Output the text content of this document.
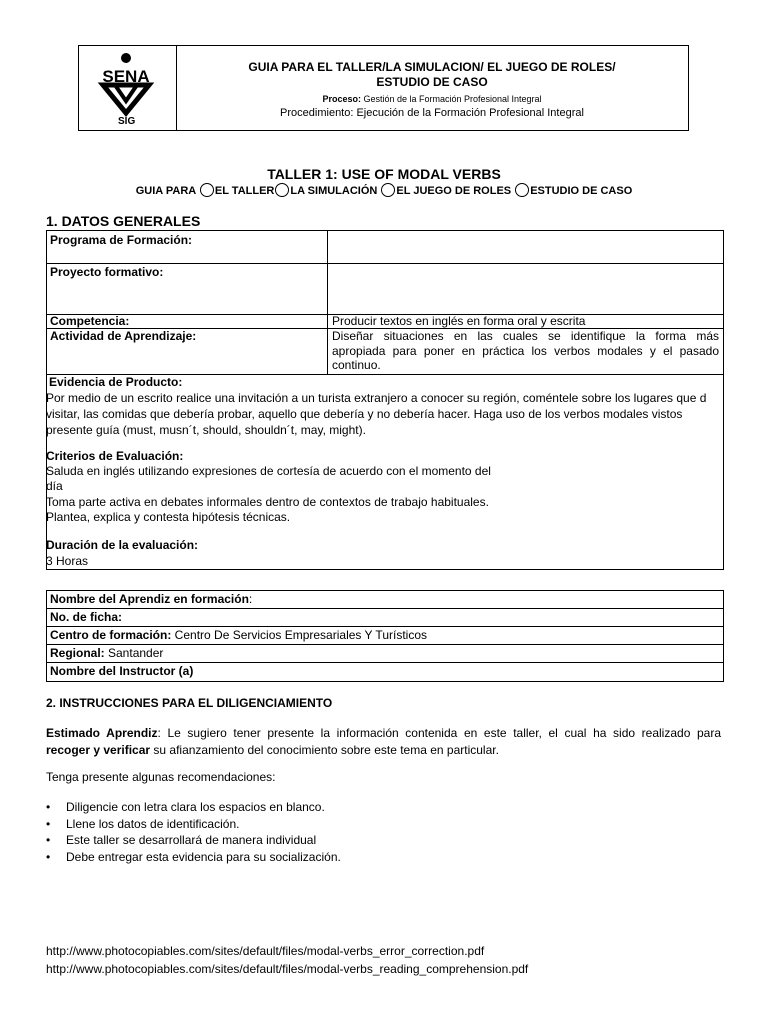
SENA
SIG
GUIA PARA EL TALLER/LA SIMULACION/ EL JUEGO DE ROLES/
ESTUDIO DE CASO
Proceso: Gestión de la Formación Profesional Integral
Procedimiento: Ejecución de la Formación Profesional Integral
TALLER 1: USE OF MODAL VERBS
GUIA PARA EL TALLER LA SIMULACIÓN EL JUEGO DE ROLES ESTUDIO DE CASO
1. DATOS GENERALES
Programa de Formación:
Proyecto formativo:
Competencia:	Producir textos en inglés en forma oral y escrita
Actividad de Aprendizaje:	Diseñar situaciones en las cuales se identifique la forma más
apropiada para poner en práctica los verbos modales y el pasado
continuo.
Evidencia de Producto:
Por medio de un escrito realice una invitación a un turista extranjero a conocer su región, coméntele sobre los lugares que d
visitar, las comidas que debería probar, aquello que debería y no debería hacer. Haga uso de los verbos modales vistos
presente guía (must, musn´t, should, shouldn´t, may, might).
Criterios de Evaluación:
Saluda en inglés utilizando expresiones de cortesía de acuerdo con el momento del
día
Toma parte activa en debates informales dentro de contextos de trabajo habituales.
Plantea, explica y contesta hipótesis técnicas.
Duración de la evaluación:
3 Horas
Nombre del Aprendiz en formación:
No. de ficha:
Centro de formación: Centro De Servicios Empresariales Y Turísticos
Regional: Santander
Nombre del Instructor (a)
2. INSTRUCCIONES PARA EL DILIGENCIAMIENTO
Estimado Aprendiz: Le sugiero tener presente la información contenida en este taller, el cual ha sido realizado para
recoger y verificar su afianzamiento del conocimiento sobre este tema en particular.
Tenga presente algunas recomendaciones:
• Diligencie con letra clara los espacios en blanco.
• Llene los datos de identificación.
• Este taller se desarrollará de manera individual
• Debe entregar esta evidencia para su socialización.
http://www.photocopiables.com/sites/default/files/modal-verbs_error_correction.pdf
http://www.photocopiables.com/sites/default/files/modal-verbs_reading_comprehension.pdf
